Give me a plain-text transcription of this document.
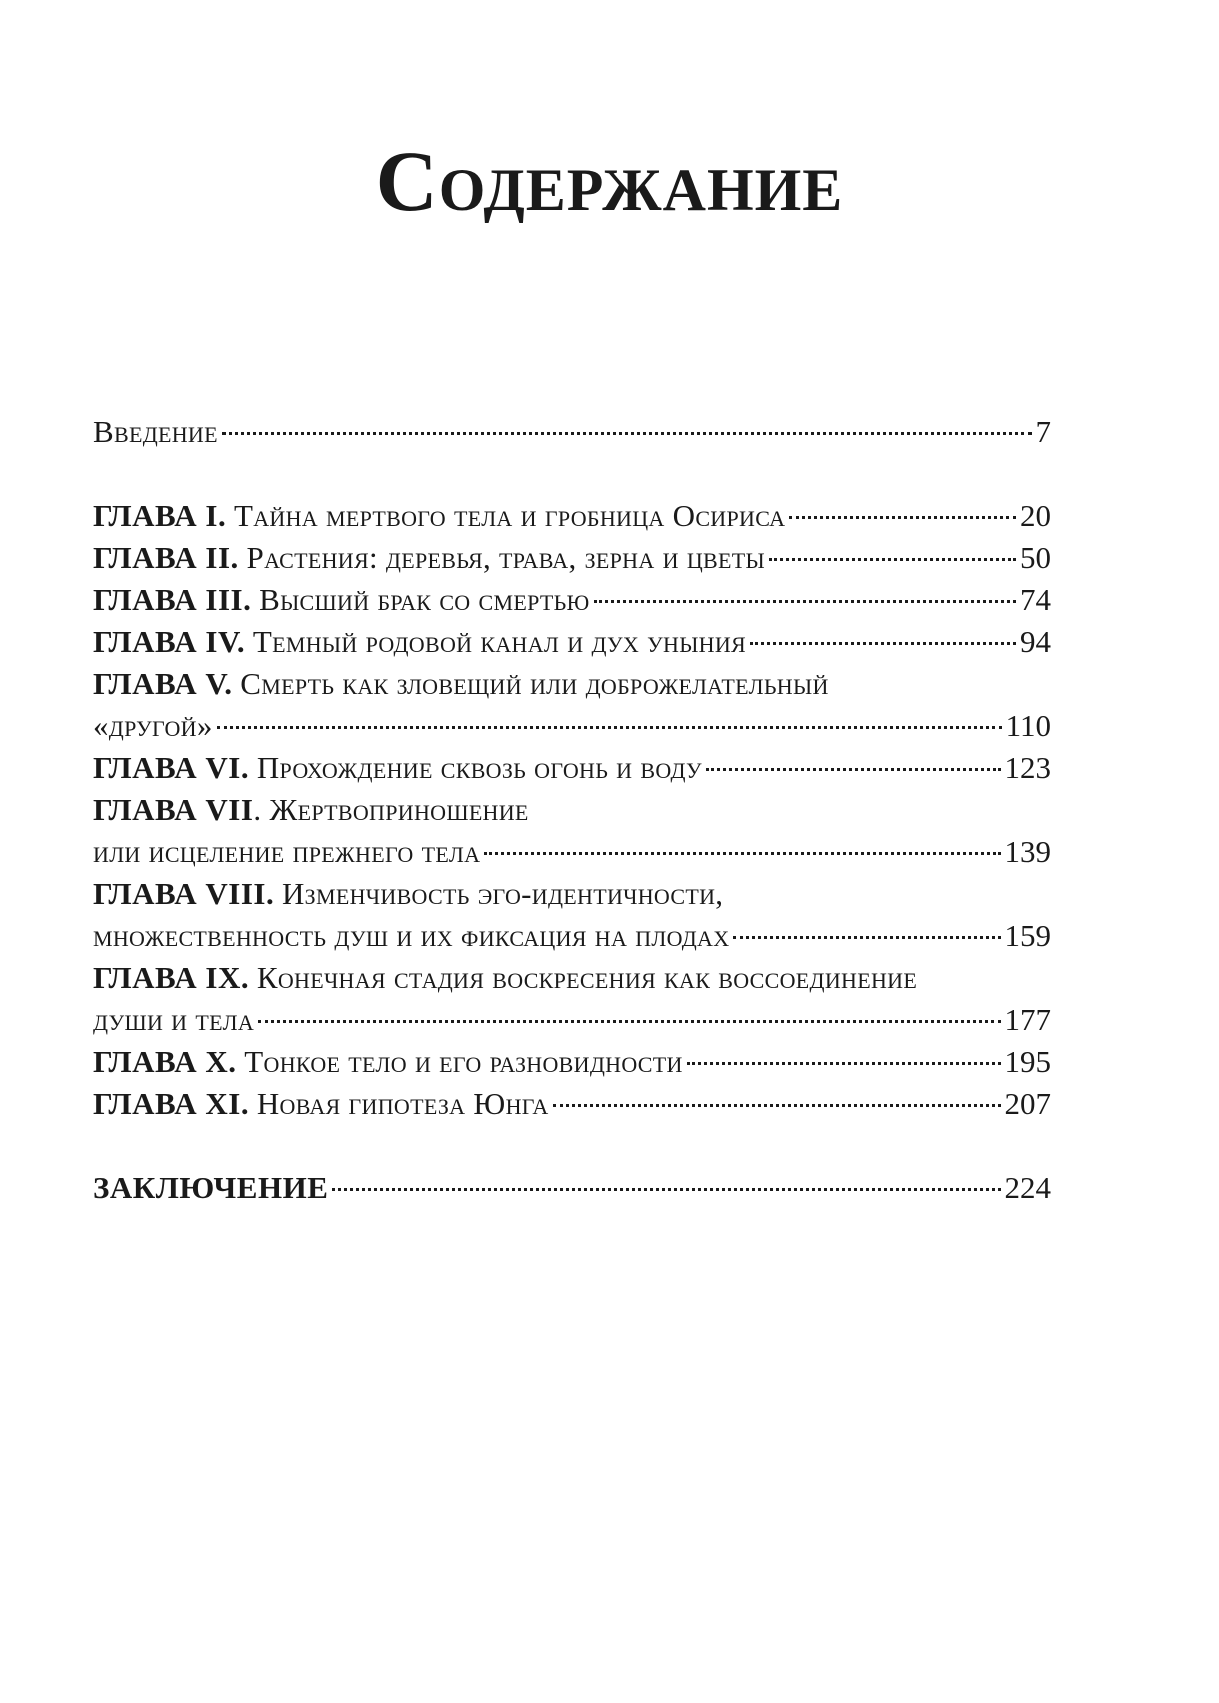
Содержание
Введение	7
ГЛАВА I. Тайна мертвого тела и гробница Осириса	20
ГЛАВА II. Растения: деревья, трава, зерна и цветы	50
ГЛАВА III. Высший брак со смертью	74
ГЛАВА IV. Темный родовой канал и дух уныния	94
ГЛАВА V. Смерть как зловещий или доброжелательный
«другой»	110
ГЛАВА VI. Прохождение сквозь огонь и воду	123
ГЛАВА VII. Жертвоприношение
или исцеление прежнего тела	139
ГЛАВА VIII. Изменчивость эго-идентичности,
множественность душ и их фиксация на плодах	159
ГЛАВА IX. Конечная стадия воскресения как воссоединение
души и тела	177
ГЛАВА X. Тонкое тело и его разновидности	195
ГЛАВА XI. Новая гипотеза Юнга	207
ЗАКЛЮЧЕНИЕ	224
